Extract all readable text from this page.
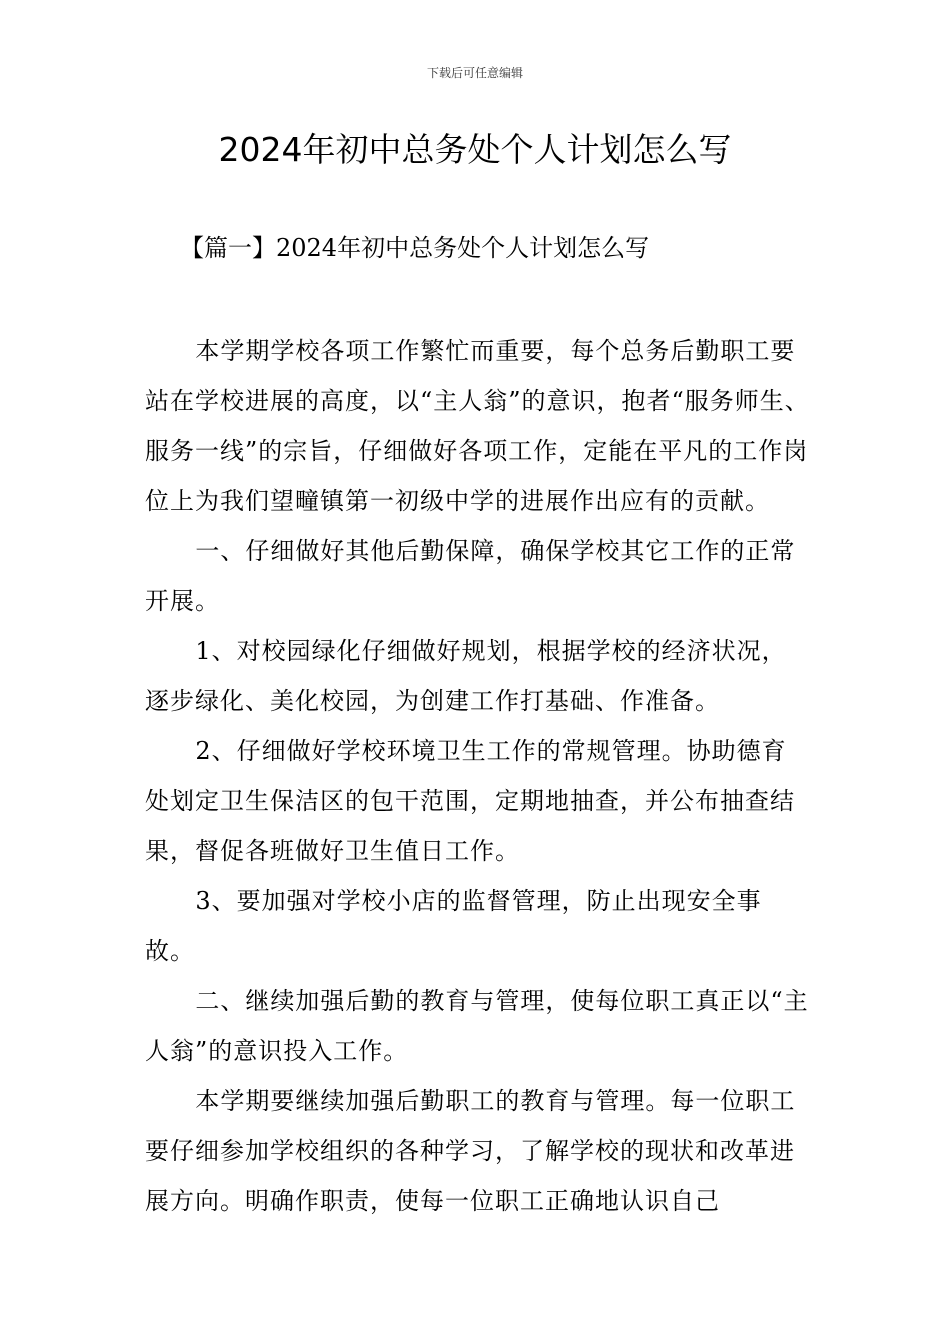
下载后可任意编辑
2024年初中总务处个人计划怎么写
【篇一】2024年初中总务处个人计划怎么写

本学期学校各项工作繁忙而重要，每个总务后勤职工要站在学校进展的高度，以“主人翁”的意识，抱者“服务师生、服务一线”的宗旨，仔细做好各项工作，定能在平凡的工作岗位上为我们望疃镇第一初级中学的进展作出应有的贡献。

一、仔细做好其他后勤保障，确保学校其它工作的正常开展。

1、对校园绿化仔细做好规划，根据学校的经济状况，逐步绿化、美化校园，为创建工作打基础、作准备。

2、仔细做好学校环境卫生工作的常规管理。协助德育处划定卫生保洁区的包干范围，定期地抽查，并公布抽查结果，督促各班做好卫生值日工作。

3、要加强对学校小店的监督管理，防止出现安全事故。

二、继续加强后勤的教育与管理，使每位职工真正以“主人翁”的意识投入工作。

本学期要继续加强后勤职工的教育与管理。每一位职工要仔细参加学校组织的各种学习，了解学校的现状和改革进展方向。明确作职责，使每一位职工正确地认识自己
